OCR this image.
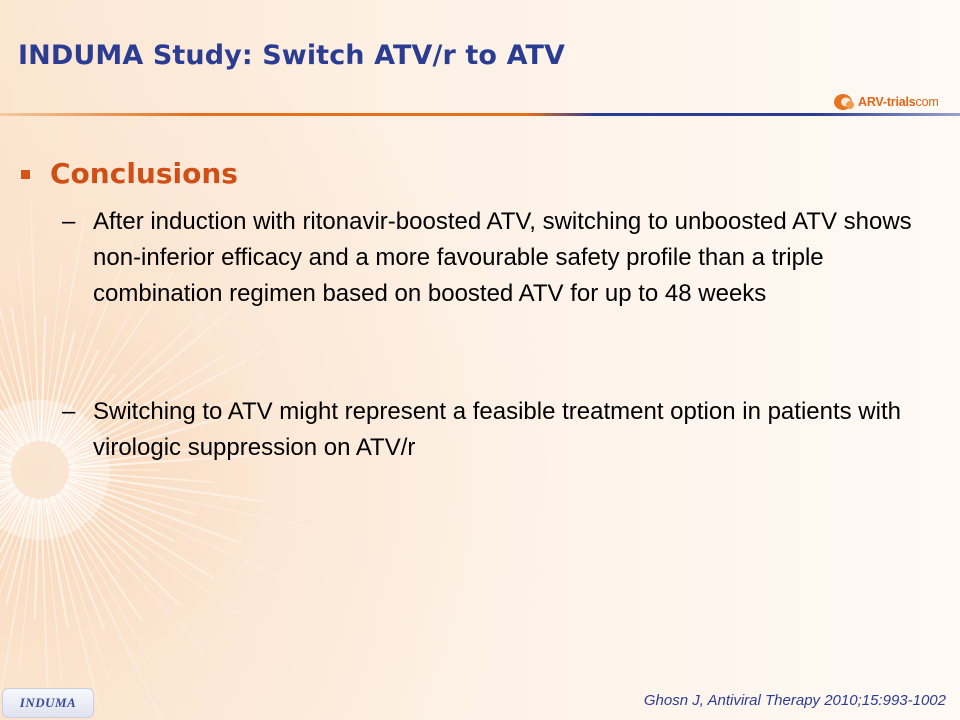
INDUMA Study: Switch ATV/r to ATV
ARV-trialscom
Conclusions
– After induction with ritonavir-boosted ATV, switching to unboosted ATV shows non-inferior efficacy and a more favourable safety profile than a triple combination regimen based on boosted ATV for up to 48 weeks

– Switching to ATV might represent a feasible treatment option in patients with virologic suppression on ATV/r

INDUMA	Ghosn J, Antiviral Therapy 2010;15:993-1002
